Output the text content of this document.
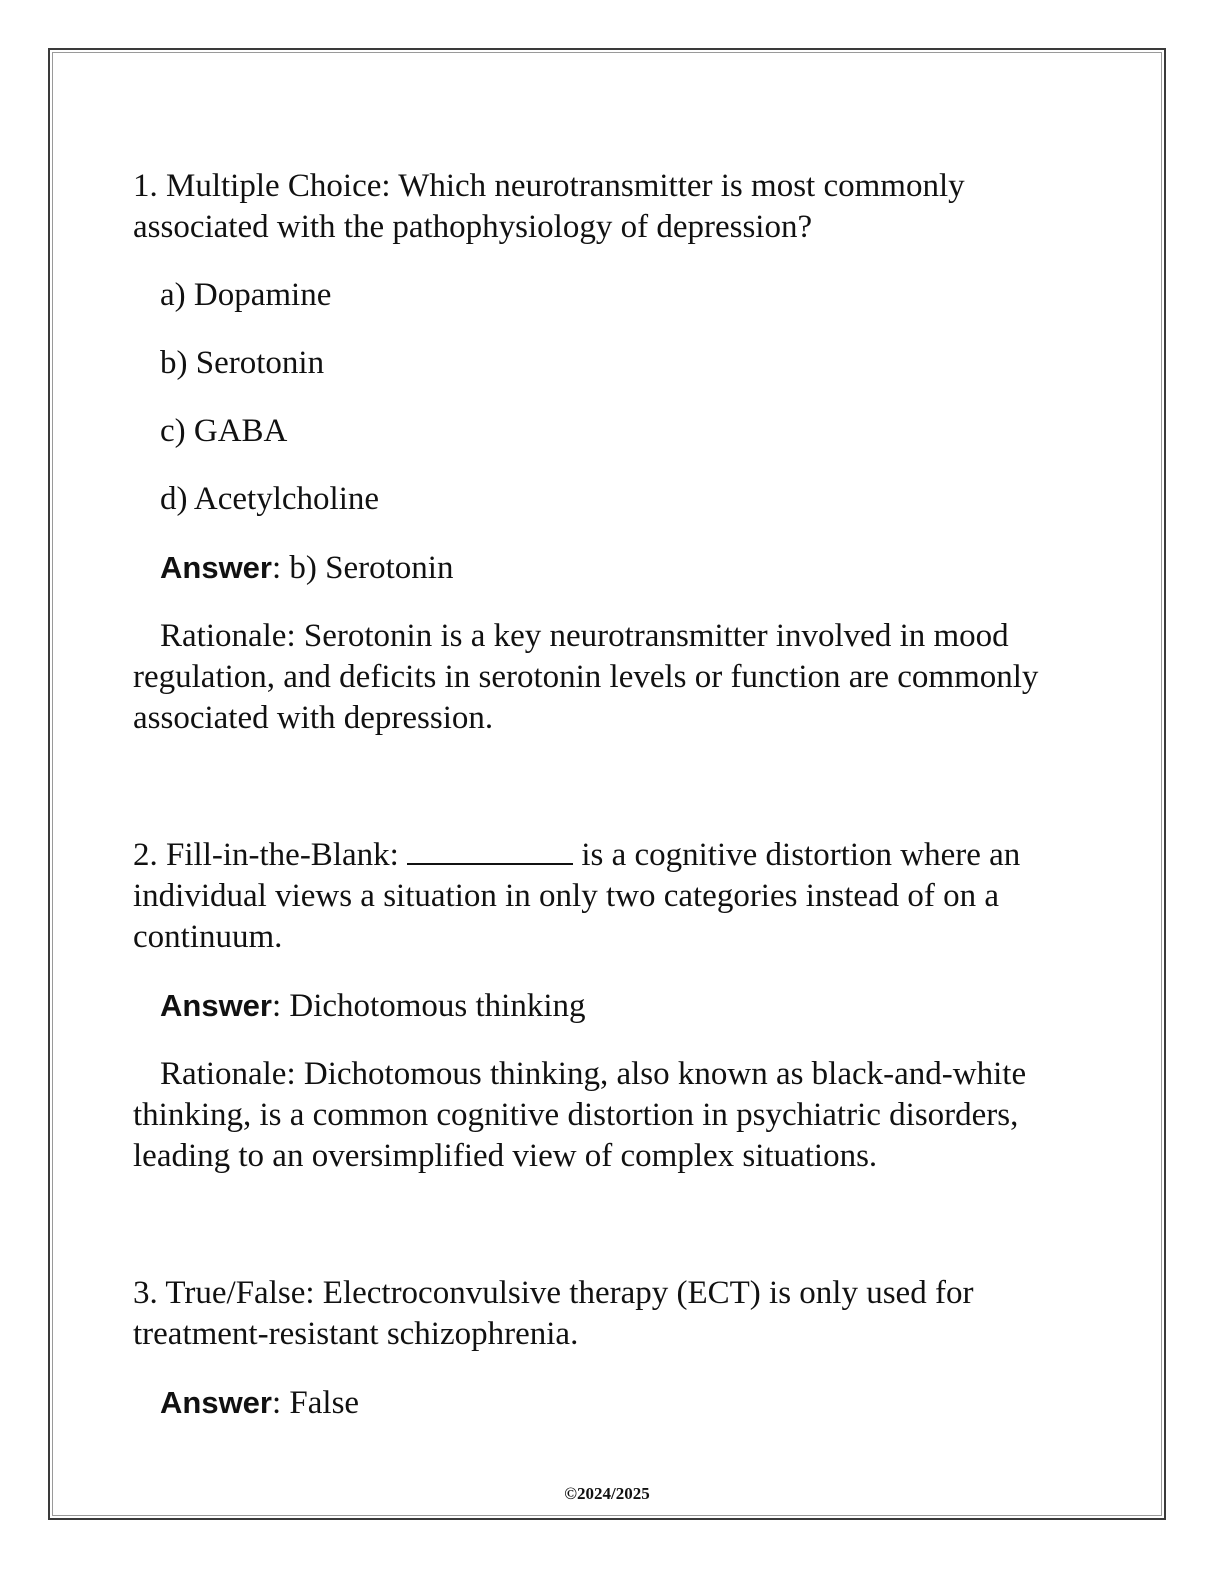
1. Multiple Choice: Which neurotransmitter is most commonly associated with the pathophysiology of depression?

a) Dopamine

b) Serotonin

c) GABA

d) Acetylcholine

Answer: b) Serotonin

Rationale: Serotonin is a key neurotransmitter involved in mood regulation, and deficits in serotonin levels or function are commonly associated with depression.

2. Fill-in-the-Blank:	is a cognitive distortion where an individual views a situation in only two categories instead of on a continuum.

Answer: Dichotomous thinking

Rationale: Dichotomous thinking, also known as black-and-white thinking, is a common cognitive distortion in psychiatric disorders, leading to an oversimplified view of complex situations.

3. True/False: Electroconvulsive therapy (ECT) is only used for treatment-resistant schizophrenia.

Answer: False

©2024/2025
